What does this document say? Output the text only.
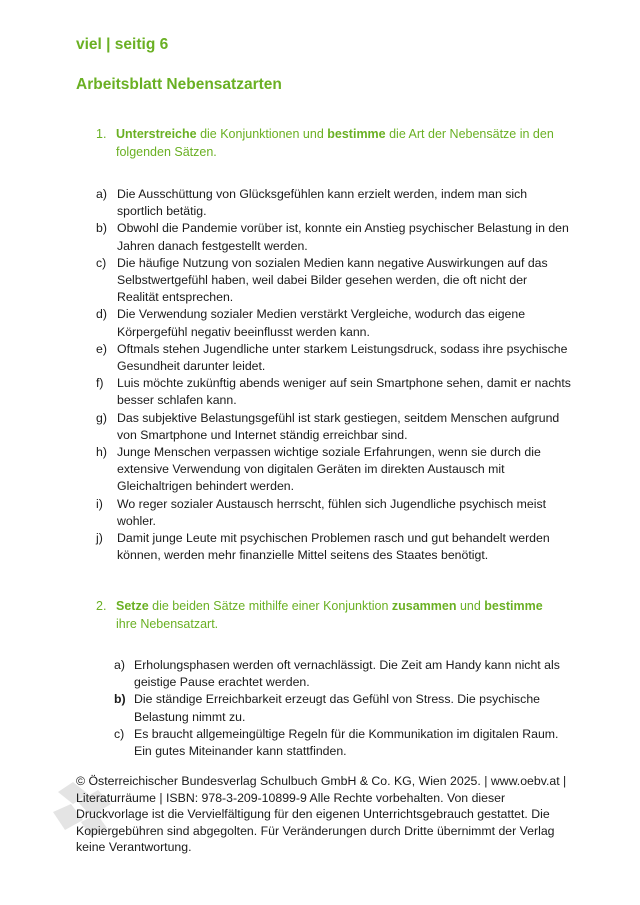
viel | seitig 6
Arbeitsblatt Nebensatzarten
1. Unterstreiche die Konjunktionen und bestimme die Art der Nebensätze in den folgenden Sätzen.
a) Die Ausschüttung von Glücksgefühlen kann erzielt werden, indem man sich sportlich betätig.
b) Obwohl die Pandemie vorüber ist, konnte ein Anstieg psychischer Belastung in den Jahren danach festgestellt werden.
c) Die häufige Nutzung von sozialen Medien kann negative Auswirkungen auf das Selbstwertgefühl haben, weil dabei Bilder gesehen werden, die oft nicht der Realität entsprechen.
d) Die Verwendung sozialer Medien verstärkt Vergleiche, wodurch das eigene Körpergefühl negativ beeinflusst werden kann.
e) Oftmals stehen Jugendliche unter starkem Leistungsdruck, sodass ihre psychische Gesundheit darunter leidet.
f) Luis möchte zukünftig abends weniger auf sein Smartphone sehen, damit er nachts besser schlafen kann.
g) Das subjektive Belastungsgefühl ist stark gestiegen, seitdem Menschen aufgrund von Smartphone und Internet ständig erreichbar sind.
h) Junge Menschen verpassen wichtige soziale Erfahrungen, wenn sie durch die extensive Verwendung von digitalen Geräten im direkten Austausch mit Gleichaltrigen behindert werden.
i) Wo reger sozialer Austausch herrscht, fühlen sich Jugendliche psychisch meist wohler.
j) Damit junge Leute mit psychischen Problemen rasch und gut behandelt werden können, werden mehr finanzielle Mittel seitens des Staates benötigt.
2. Setze die beiden Sätze mithilfe einer Konjunktion zusammen und bestimme ihre Nebensatzart.
a) Erholungsphasen werden oft vernachlässigt. Die Zeit am Handy kann nicht als geistige Pause erachtet werden.
b) Die ständige Erreichbarkeit erzeugt das Gefühl von Stress. Die psychische Belastung nimmt zu.
c) Es braucht allgemeingültige Regeln für die Kommunikation im digitalen Raum. Ein gutes Miteinander kann stattfinden.
© Österreichischer Bundesverlag Schulbuch GmbH & Co. KG, Wien 2025. | www.oebv.at | Literaturräume | ISBN: 978-3-209-10899-9 Alle Rechte vorbehalten. Von dieser Druckvorlage ist die Vervielfältigung für den eigenen Unterrichtsgebrauch gestattet. Die Kopiergebühren sind abgegolten. Für Veränderungen durch Dritte übernimmt der Verlag keine Verantwortung.
